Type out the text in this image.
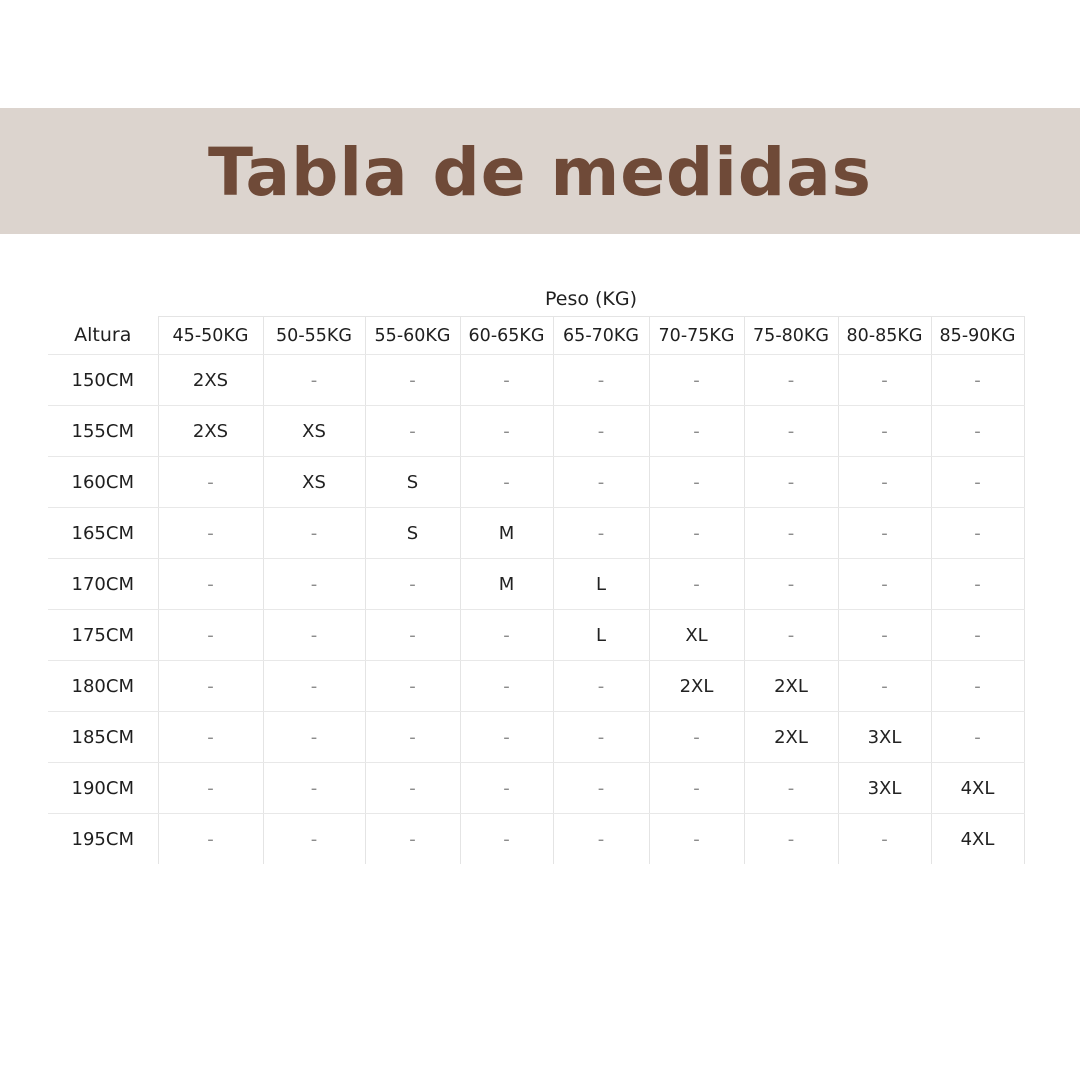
Tabla de medidas
Peso (KG)
Altura	45-50KG	50-55KG	55-60KG	60-65KG	65-70KG	70-75KG	75-80KG	80-85KG	85-90KG
150CM	2XS	-	-	-	-	-	-	-	-
155CM	2XS	XS	-	-	-	-	-	-	-
160CM	-	XS	S	-	-	-	-	-	-
165CM	-	-	S	M	-	-	-	-	-
170CM	-	-	-	M	L	-	-	-	-
175CM	-	-	-	-	L	XL	-	-	-
180CM	-	-	-	-	-	2XL	2XL	-	-
185CM	-	-	-	-	-	-	2XL	3XL	-
190CM	-	-	-	-	-	-	-	3XL	4XL
195CM	-	-	-	-	-	-	-	-	4XL
